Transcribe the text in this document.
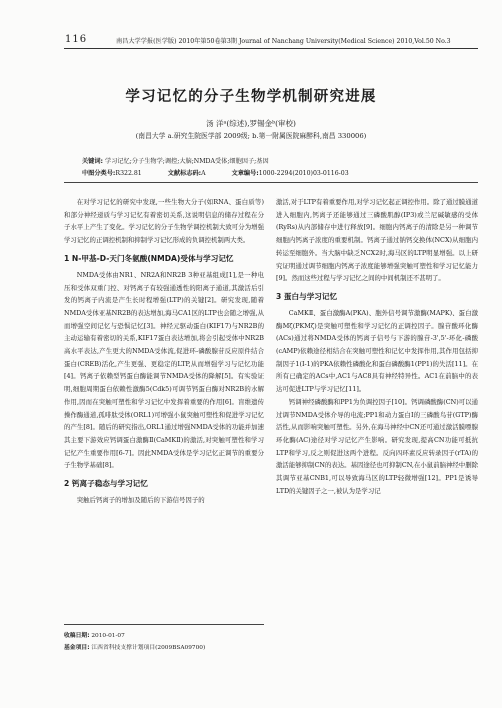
116	南昌大学学报(医学版) 2010年第50卷第3期 Journal of Nanchang University(Medical Science) 2010,Vol.50 No.3
学习记忆的分子生物学机制研究进展
汤 洋ᵃ(综述),罗锡金ᵇ(审校)
(南昌大学 a.研究生院医学部 2009级; b.第一附属医院麻醉科,南昌 330006)
关键词: 学习记忆;分子生物学;调控;大脑;NMDA受体;细胞因子;基因
中图分类号:R322.81	文献标志码:A	文章编号:1000-2294(2010)03-0116-03

在对学习记忆的研究中发现,一些生物大分子(如RNA、蛋白质等)和部分神经递质与学习记忆有着密切关系,这说明信息的储存过程在分子水平上产生了变化。学习记忆的分子生物学调控机制大致可分为增强学习记忆的正调控机制和抑制学习记忆形成的负调控机制两大类。

1 N-甲基-D-天门冬氨酸(NMDA)受体与学习记忆

NMDA受体由NR1、NR2A和NR2B 3种亚基组成[1],是一种电压和受体双重门控、对钙离子有较强通透性的阳离子通道,其激活后引发的钙离子内流是产生长时程增强(LTP)的关键[2]。研究发现,随着NMDA受体亚基NR2B的表达增加,海马CA1区的LTP也会随之增强,从而增强空间记忆与恐惧记忆[3]。神经元驱动蛋白(KIF17)与NR2B的主动运输有着密切的关系,KIF17蛋白表达增加,将会引起受体中NR2B高水平表达,产生更大的NMDA受体流,促进环-磷酸腺苷反应原件结合蛋白(CREB)活化,产生更强、更稳定的LTP,从而增强学习与记忆功能[4]。钙离子依赖型钙蛋白酶能调节NMDA受体的降解[5]。有实验证明,细胞周期蛋白依赖性激酶5(Cdk5)可调节钙蛋白酶对NR2B的水解作用,因而在突触可塑性和学习记忆中发挥着重要的作用[6]。盲维遗传操作酶通道,孤啡肽受体(ORL1)可增强小鼠突触可塑性和促进学习记忆的产生[8]。随后的研究指出,ORL1通过增强NMDA受体的功能并加速其主要下游效应钙调蛋白激酶Ⅱ(CaMKⅡ)的激活,对突触可塑性和学习记忆产生重要作用[6-7]。因此NMDA受体是学习记忆正调节的重要分子生物学基础[8]。

2 钙离子稳态与学习记忆

突触后钙离子的增加及随后的下游信号因子的

激活,对于LTP有着重要作用,对学习记忆起正调控作用。除了通过膜通道进入细胞内,钙离子还能够通过三磷酸肌醇(IP3)或兰尼碱敏感的受体(RyRs)从内部储存中进行释放[9]。细胞内钙离子的清除是另一种调节细胞内钙离子浓度的重要机制。钙离子通过钠钙交换体(NCX)从细胞内转运至细胞外。当大脑中缺乏NCX2时,海马区的LTP明显增强。以上研究证明通过调节细胞内钙离子浓度能够增强突触可塑性和学习记忆能力[9]。然而这些过程与学习记忆之间的中间机制还不甚明了。

3 蛋白与学习记忆

CaMKⅡ、蛋白激酶A(PKA)、胞外信号调节激酶(MAPK)、蛋白激酶Mζ(PKMζ)是突触可塑性和学习记忆的正调控因子。腺苷酸环化酶(ACs)通过将NMDA受体的钙离子信号与下游的腺苷-3',5'-环化-磷酸(cAMP)依赖途径相结合在突触可塑性和记忆中发挥作用,其作用包括抑制因子1(I-1)的PKA依赖性磷酸化和蛋白磷酸酶1(PP1)的失活[11]。在所有已确定的ACs中,AC1与AC8具有神经特异性。AC1在前脑中的表达可促进LTP与学习记忆[11]。

钙调神经磷酸酶和PP1为负调控因子[10]。钙调磷酸酶(CN)可以通过调节NMDA受体介导的电流;PP1和动力蛋白Ⅰ的三磷酸鸟苷(GTP)酶活性,从而影响突触可塑性。另外,在海马神经中CN还可通过激活膜嘌腺环化酶(AC)途径对学习记忆产生影响。研究发现,提高CN功能可抵抗LTP和学习,反之则促进这两个进程。反向四环素反应转录因子(rTA)的激活能够抑制CN的表达。基因途径也可抑制CN,在小鼠前脑神经中删除其调节亚基CNB1,可以导致海马区的LTP轻微增强[12]。PP1是诱导LTD的关键因子之一,被认为是学习记

收稿日期: 2010-01-07
基金项目: 江西省科技支撑计划项目(2009BSA09700)
